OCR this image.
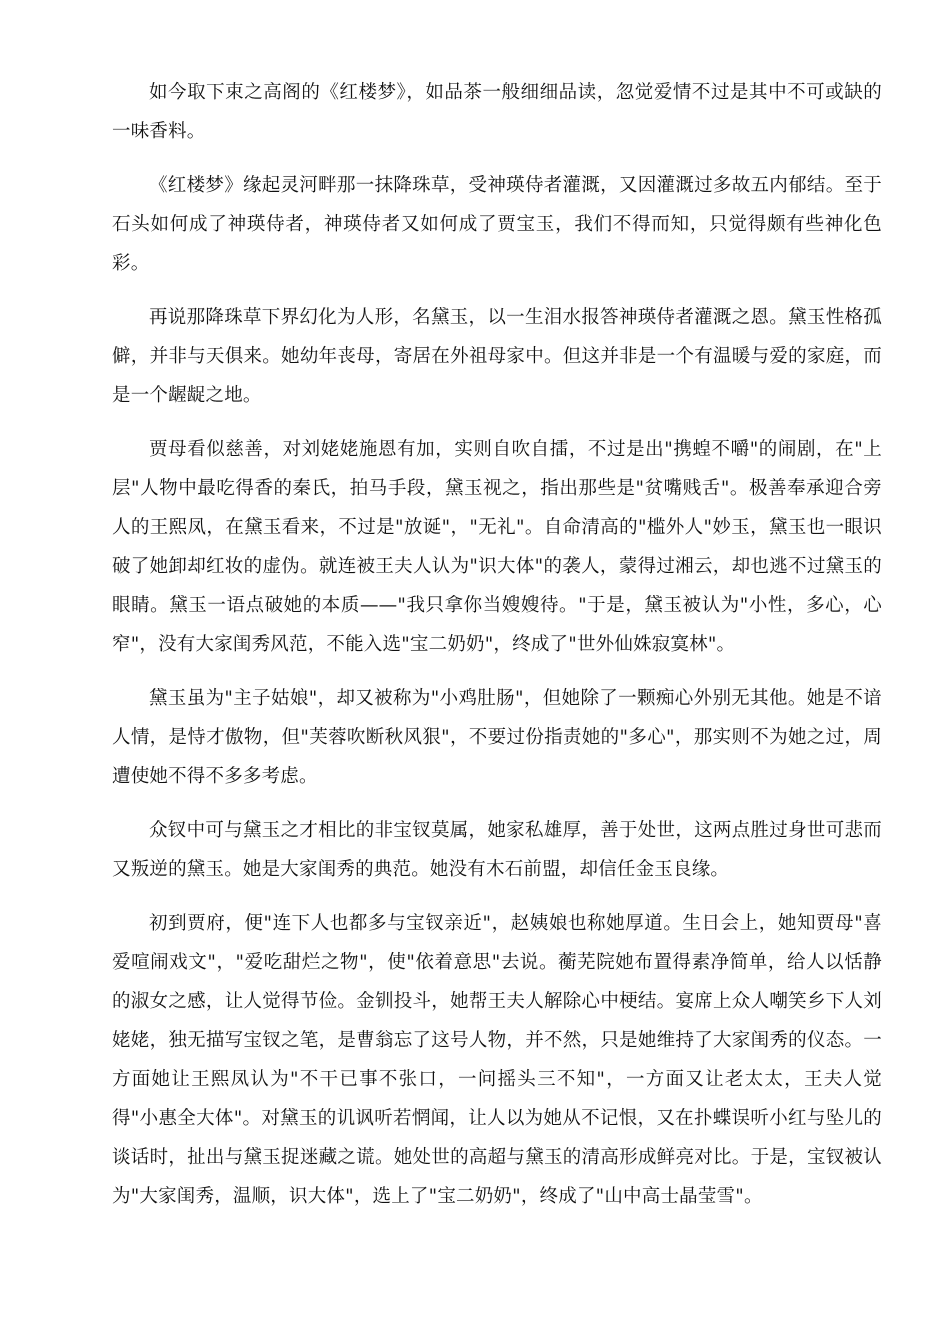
如今取下束之高阁的《红楼梦》，如品茶一般细细品读，忽觉爱情不过是其中不可或缺的一味香料。

《红楼梦》缘起灵河畔那一抹降珠草，受神瑛侍者灌溉，又因灌溉过多故五内郁结。至于石头如何成了神瑛侍者，神瑛侍者又如何成了贾宝玉，我们不得而知，只觉得颇有些神化色彩。

再说那降珠草下界幻化为人形，名黛玉，以一生泪水报答神瑛侍者灌溉之恩。黛玉性格孤僻，并非与天俱来。她幼年丧母，寄居在外祖母家中。但这并非是一个有温暖与爱的家庭，而是一个龌龊之地。

贾母看似慈善，对刘姥姥施恩有加，实则自吹自擂，不过是出"携蝗不嚼"的闹剧，在"上层"人物中最吃得香的秦氏，拍马手段，黛玉视之，指出那些是"贫嘴贱舌"。极善奉承迎合旁人的王熙凤，在黛玉看来，不过是"放诞"，"无礼"。自命清高的"槛外人"妙玉，黛玉也一眼识破了她卸却红妆的虚伪。就连被王夫人认为"识大体"的袭人，蒙得过湘云，却也逃不过黛玉的眼睛。黛玉一语点破她的本质——"我只拿你当嫂嫂待。"于是，黛玉被认为"小性，多心，心窄"，没有大家闺秀风范，不能入选"宝二奶奶"，终成了"世外仙姝寂寞林"。

黛玉虽为"主子姑娘"，却又被称为"小鸡肚肠"，但她除了一颗痴心外别无其他。她是不谙人情，是恃才傲物，但"芙蓉吹断秋风狠"，不要过份指责她的"多心"，那实则不为她之过，周遭使她不得不多多考虑。

众钗中可与黛玉之才相比的非宝钗莫属，她家私雄厚，善于处世，这两点胜过身世可悲而又叛逆的黛玉。她是大家闺秀的典范。她没有木石前盟，却信任金玉良缘。

初到贾府，便"连下人也都多与宝钗亲近"，赵姨娘也称她厚道。生日会上，她知贾母"喜爱喧闹戏文"，"爱吃甜烂之物"，使"依着意思"去说。蘅芜院她布置得素净简单，给人以恬静的淑女之感，让人觉得节俭。金钏投斗，她帮王夫人解除心中梗结。宴席上众人嘲笑乡下人刘姥姥，独无描写宝钗之笔，是曹翁忘了这号人物，并不然，只是她维持了大家闺秀的仪态。一方面她让王熙凤认为"不干已事不张口，一问摇头三不知"，一方面又让老太太，王夫人觉得"小惠全大体"。对黛玉的讥讽听若惘闻，让人以为她从不记恨，又在扑蝶误听小红与坠儿的谈话时，扯出与黛玉捉迷藏之谎。她处世的高超与黛玉的清高形成鲜亮对比。于是，宝钗被认为"大家闺秀，温顺，识大体"，选上了"宝二奶奶"，终成了"山中高士晶莹雪"。
